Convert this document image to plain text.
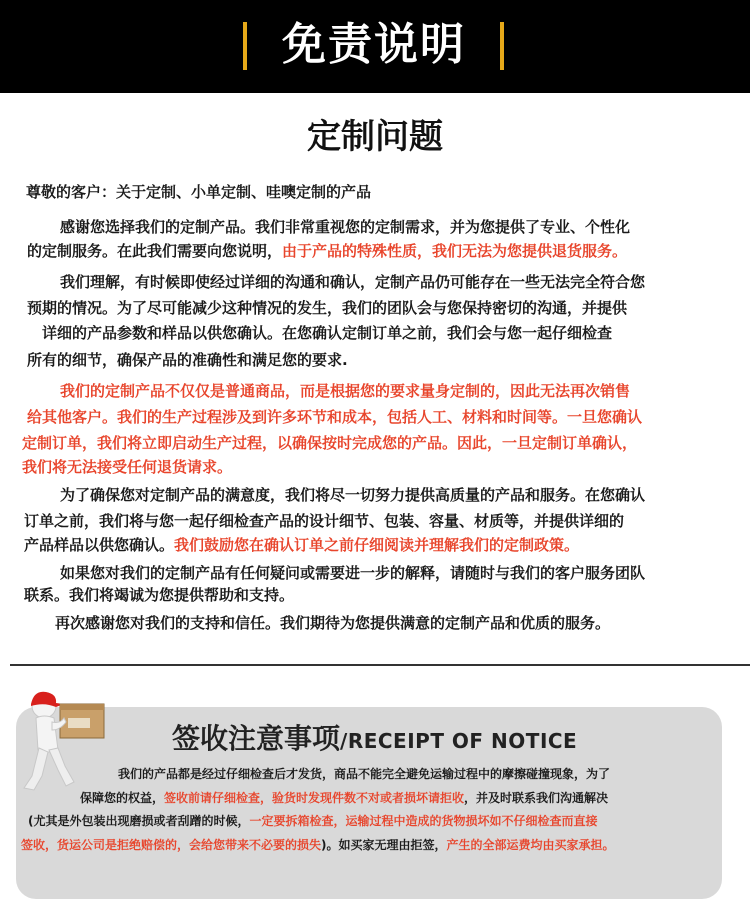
免责说明
定制问题
尊敬的客户：关于定制、小单定制、哇噢定制的产品
感谢您选择我们的定制产品。我们非常重视您的定制需求，并为您提供了专业、个性化
的定制服务。在此我们需要向您说明，由于产品的特殊性质，我们无法为您提供退货服务。
我们理解，有时候即使经过详细的沟通和确认，定制产品仍可能存在一些无法完全符合您
预期的情况。为了尽可能减少这种情况的发生，我们的团队会与您保持密切的沟通，并提供
详细的产品参数和样品以供您确认。在您确认定制订单之前，我们会与您一起仔细检查
所有的细节，确保产品的准确性和满足您的要求.
我们的定制产品不仅仅是普通商品，而是根据您的要求量身定制的，因此无法再次销售
给其他客户。我们的生产过程涉及到许多环节和成本，包括人工、材料和时间等。一旦您确认
定制订单，我们将立即启动生产过程，以确保按时完成您的产品。因此，一旦定制订单确认，
我们将无法接受任何退货请求。
为了确保您对定制产品的满意度，我们将尽一切努力提供高质量的产品和服务。在您确认
订单之前，我们将与您一起仔细检查产品的设计细节、包装、容量、材质等，并提供详细的
产品样品以供您确认。我们鼓励您在确认订单之前仔细阅读并理解我们的定制政策。
如果您对我们的定制产品有任何疑问或需要进一步的解释，请随时与我们的客户服务团队
联系。我们将竭诚为您提供帮助和支持。
再次感谢您对我们的支持和信任。我们期待为您提供满意的定制产品和优质的服务。
签收注意事项/RECEIPT OF NOTICE
我们的产品都是经过仔细检查后才发货，商品不能完全避免运输过程中的摩擦碰撞现象，为了
保障您的权益，签收前请仔细检查，验货时发现件数不对或者损坏请拒收，并及时联系我们沟通解决
(尤其是外包装出现磨损或者刮蹭的时候，一定要拆箱检查，运输过程中造成的货物损坏如不仔细检查而直接
签收，货运公司是拒绝赔偿的，会给您带来不必要的损失)。如买家无理由拒签，产生的全部运费均由买家承担。
